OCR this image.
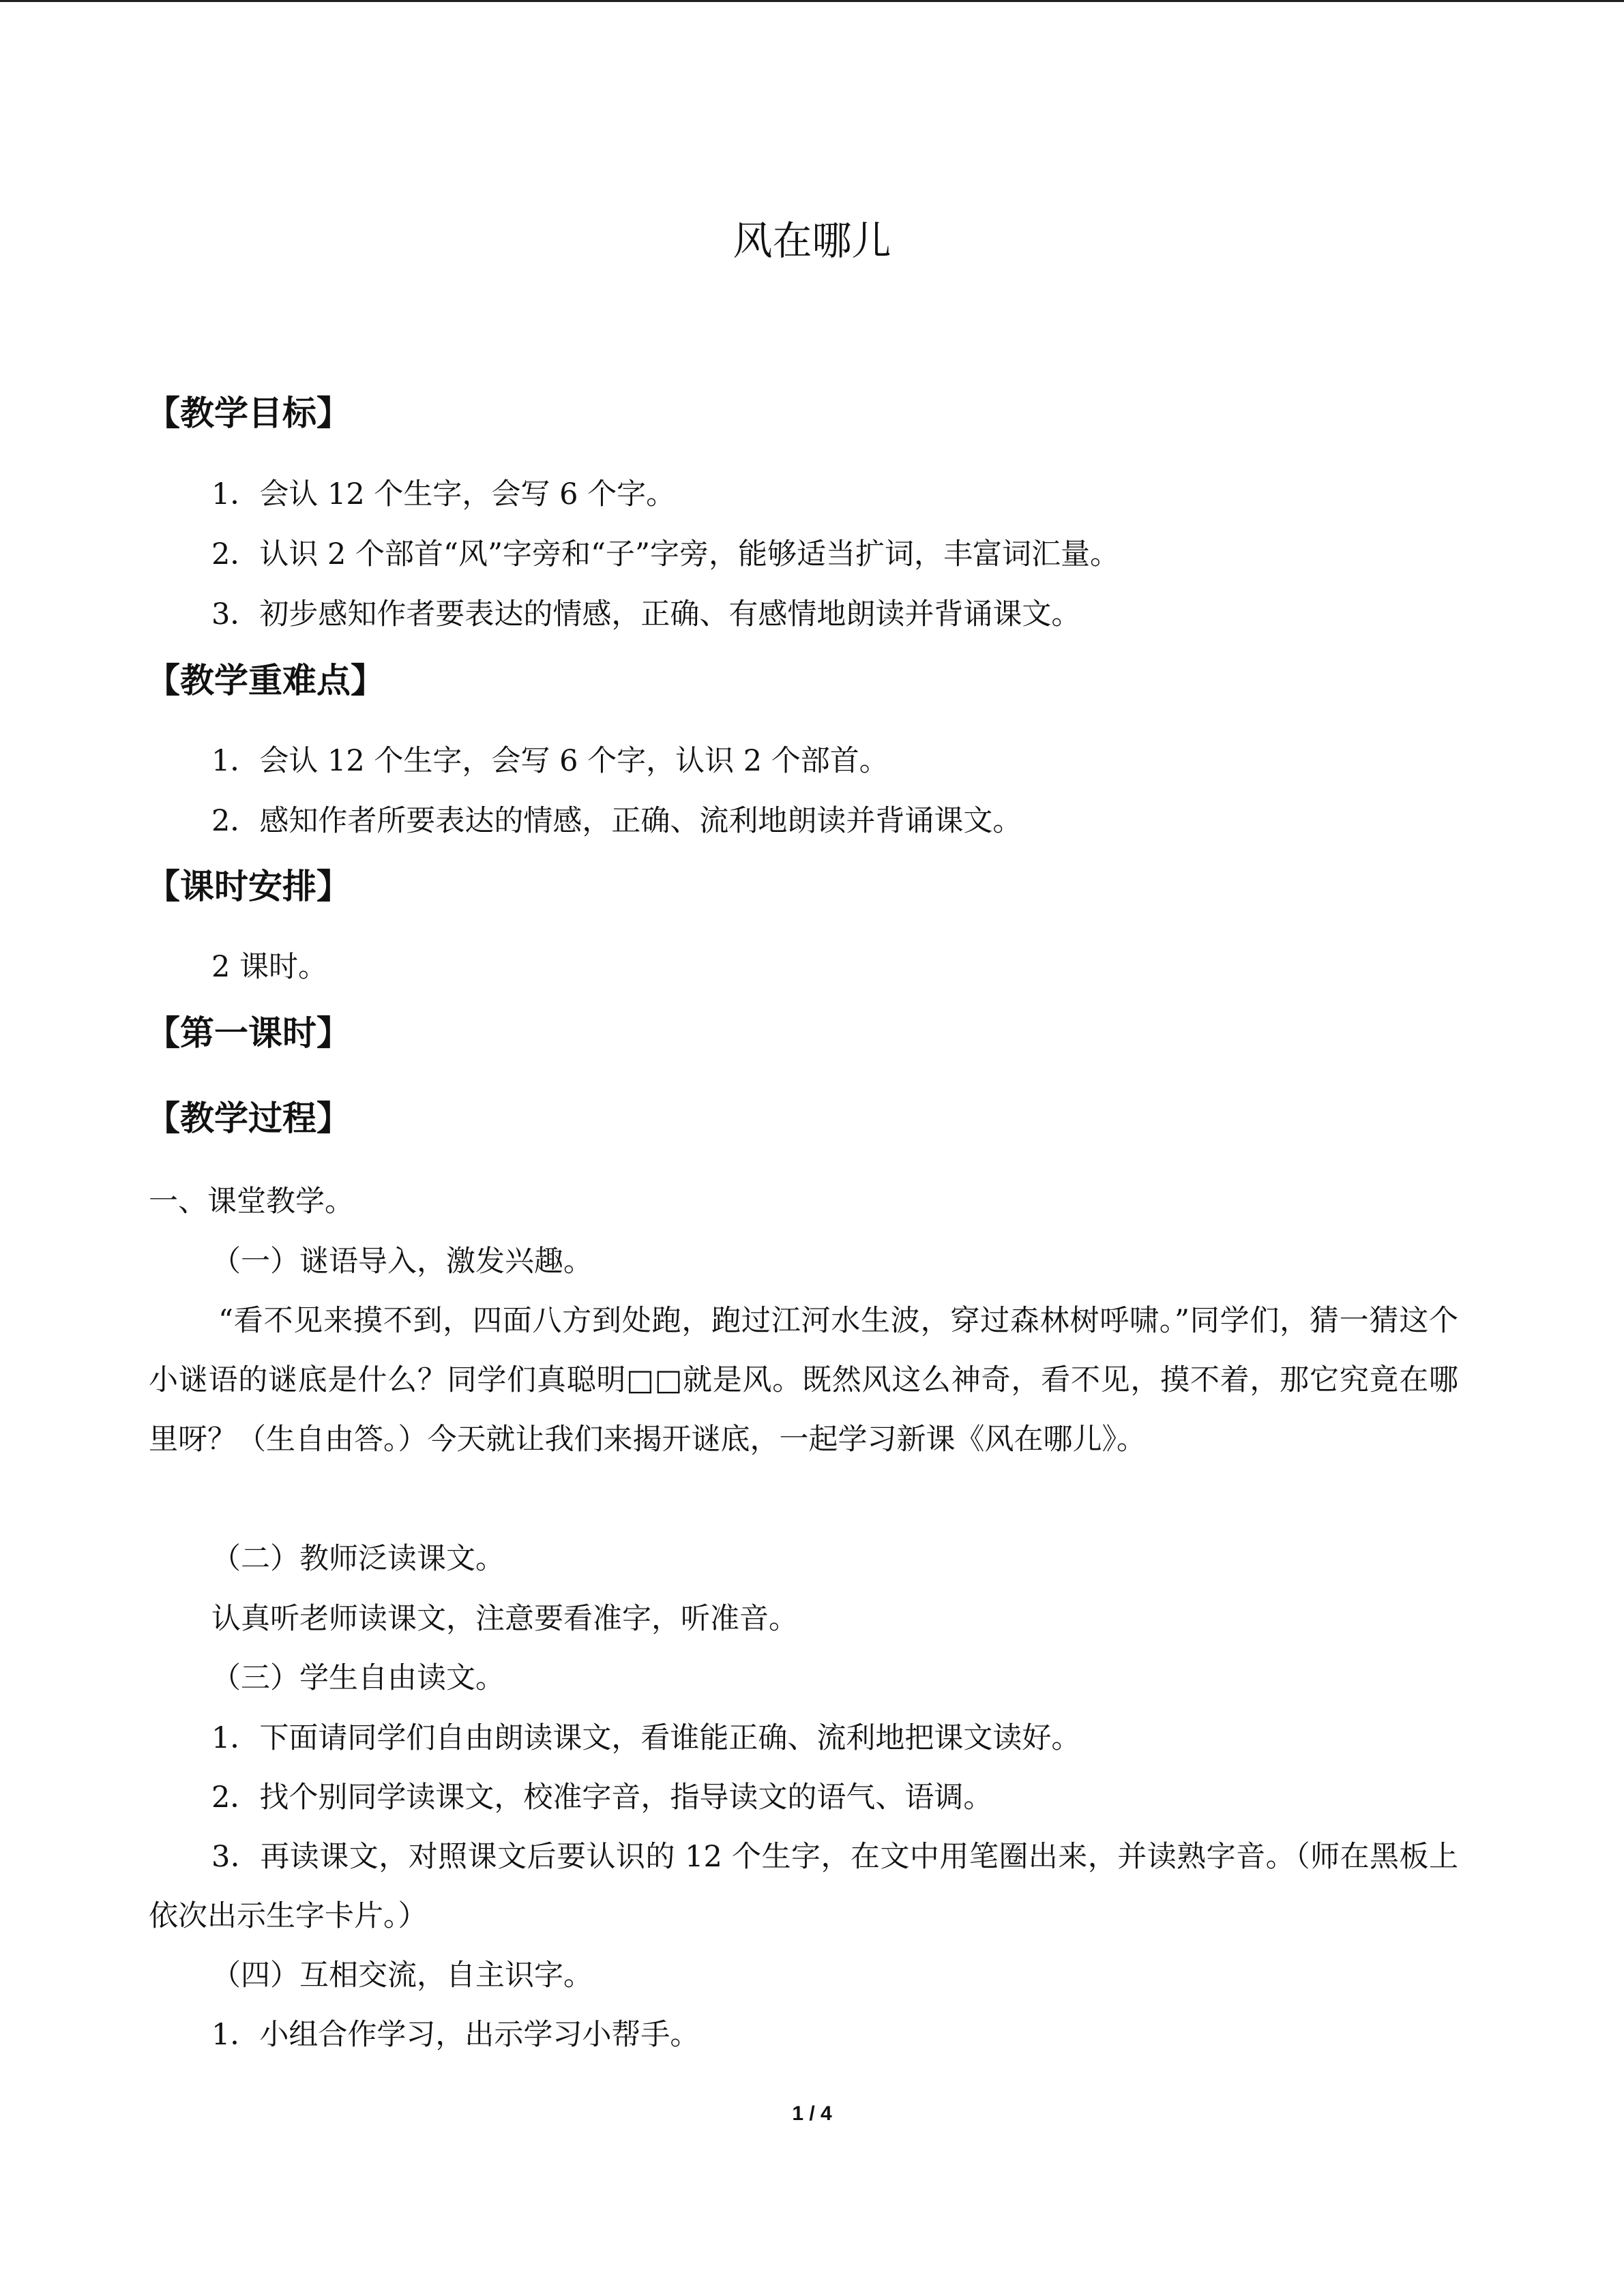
风在哪儿
【教学目标】
1．会认 12 个生字，会写 6 个字。
2．认识 2 个部首“风”字旁和“子”字旁，能够适当扩词，丰富词汇量。
3．初步感知作者要表达的情感，正确、有感情地朗读并背诵课文。
【教学重难点】
1．会认 12 个生字，会写 6 个字，认识 2 个部首。
2．感知作者所要表达的情感，正确、流利地朗读并背诵课文。
【课时安排】
2 课时。
【第一课时】
【教学过程】
一、课堂教学。
（一）谜语导入，激发兴趣。
“看不见来摸不到，四面八方到处跑，跑过江河水生波，穿过森林树呼啸。”同学们，猜一猜这个小谜语的谜底是什么？同学们真聪明□□就是风。既然风这么神奇，看不见，摸不着，那它究竟在哪里呀？（生自由答。）今天就让我们来揭开谜底，一起学习新课《风在哪儿》。
（二）教师泛读课文。
认真听老师读课文，注意要看准字，听准音。
（三）学生自由读文。
1．下面请同学们自由朗读课文，看谁能正确、流利地把课文读好。
2．找个别同学读课文，校准字音，指导读文的语气、语调。
3．再读课文，对照课文后要认识的 12 个生字，在文中用笔圈出来，并读熟字音。（师在黑板上依次出示生字卡片。）
（四）互相交流，自主识字。
1．小组合作学习，出示学习小帮手。
1 / 4
